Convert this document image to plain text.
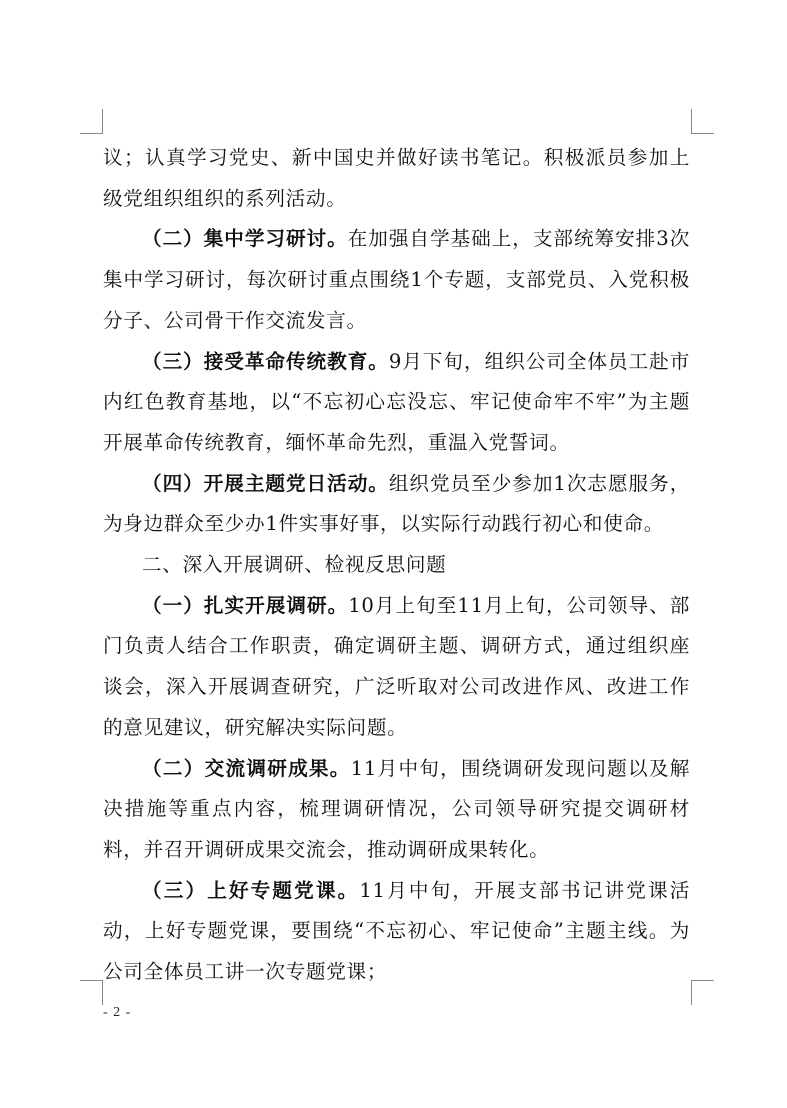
议；认真学习党史、新中国史并做好读书笔记。积极派员参加上级党组织组织的系列活动。

（二）集中学习研讨。在加强自学基础上，支部统筹安排3次集中学习研讨，每次研讨重点围绕1个专题，支部党员、入党积极分子、公司骨干作交流发言。

（三）接受革命传统教育。9月下旬，组织公司全体员工赴市内红色教育基地，以“不忘初心忘没忘、牢记使命牢不牢”为主题开展革命传统教育，缅怀革命先烈，重温入党誓词。

（四）开展主题党日活动。组织党员至少参加1次志愿服务，为身边群众至少办1件实事好事，以实际行动践行初心和使命。

二、深入开展调研、检视反思问题

（一）扎实开展调研。10月上旬至11月上旬，公司领导、部门负责人结合工作职责，确定调研主题、调研方式，通过组织座谈会，深入开展调查研究，广泛听取对公司改进作风、改进工作的意见建议，研究解决实际问题。

（二）交流调研成果。11月中旬，围绕调研发现问题以及解决措施等重点内容，梳理调研情况，公司领导研究提交调研材料，并召开调研成果交流会，推动调研成果转化。

（三）上好专题党课。11月中旬，开展支部书记讲党课活动，上好专题党课，要围绕“不忘初心、牢记使命”主题主线。为公司全体员工讲一次专题党课；

- 2 -
